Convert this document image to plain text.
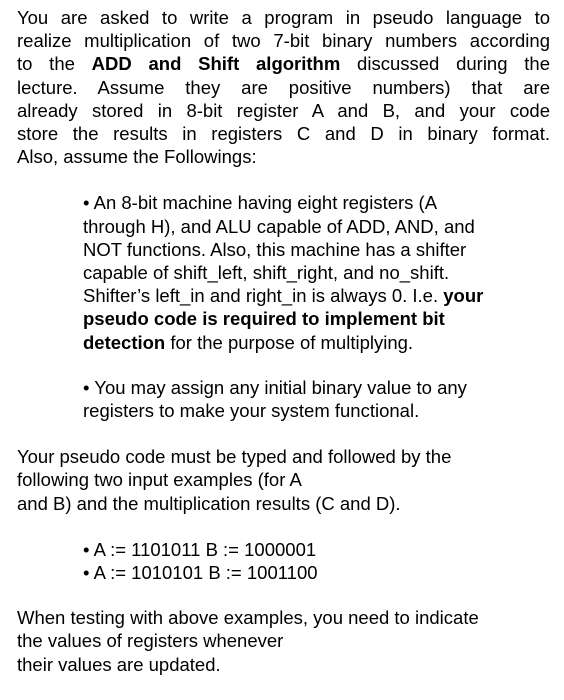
You are asked to write a program in pseudo language to
realize multiplication of two 7-bit binary numbers according
to the ADD and Shift algorithm discussed during the
lecture. Assume they are positive numbers) that are
already stored in 8-bit register A and B, and your code
store the results in registers C and D in binary format.
Also, assume the Followings:

• An 8-bit machine having eight registers (A
through H), and ALU capable of ADD, AND, and
NOT functions. Also, this machine has a shifter
capable of shift_left, shift_right, and no_shift.
Shifter’s left_in and right_in is always 0. I.e. your
pseudo code is required to implement bit
detection for the purpose of multiplying.
• You may assign any initial binary value to any
registers to make your system functional.

Your pseudo code must be typed and followed by the
following two input examples (for A
and B) and the multiplication results (C and D).

• A := 1101011 B := 1000001
• A := 1010101 B := 1001100

When testing with above examples, you need to indicate
the values of registers whenever
their values are updated.
